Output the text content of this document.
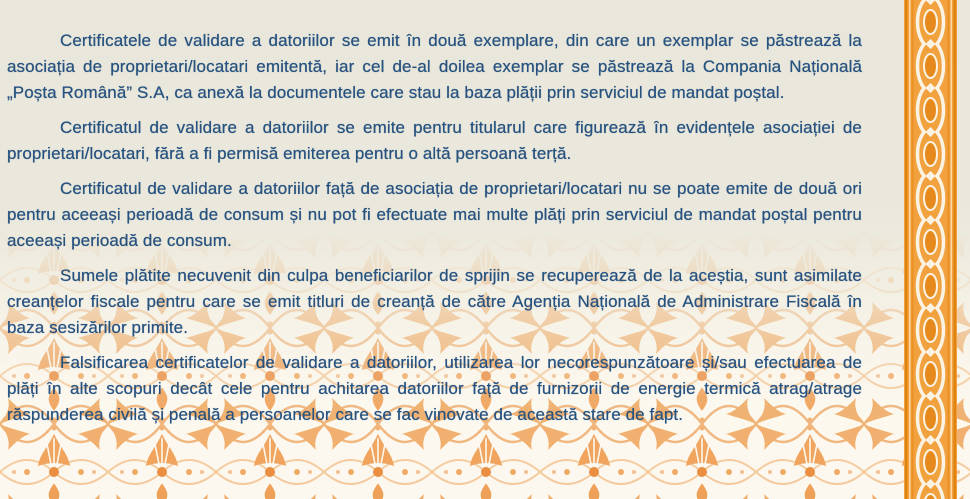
Certificatele de validare a datoriilor se emit în două exemplare, din care un exemplar se păstrează la asociația de proprietari/locatari emitentă, iar cel de-al doilea exemplar se păstrează la Compania Națională „Poșta Română” S.A, ca anexă la documentele care stau la baza plății prin serviciul de mandat poștal.

Certificatul de validare a datoriilor se emite pentru titularul care figurează în evidențele asociației de proprietari/locatari, fără a fi permisă emiterea pentru o altă persoană terță.

Certificatul de validare a datoriilor față de asociația de proprietari/locatari nu se poate emite de două ori pentru aceeași perioadă de consum și nu pot fi efectuate mai multe plăți prin serviciul de mandat poștal pentru aceeași perioadă de consum.

Sumele plătite necuvenit din culpa beneficiarilor de sprijin se recuperează de la aceștia, sunt asimilate creanțelor fiscale pentru care se emit titluri de creanță de către Agenția Națională de Administrare Fiscală în baza sesizărilor primite.

Falsificarea certificatelor de validare a datoriilor, utilizarea lor necorespunzătoare și/sau efectuarea de plăți în alte scopuri decât cele pentru achitarea datoriilor față de furnizorii de energie termică atrag/atrage răspunderea civilă și penală a persoanelor care se fac vinovate de această stare de fapt.
